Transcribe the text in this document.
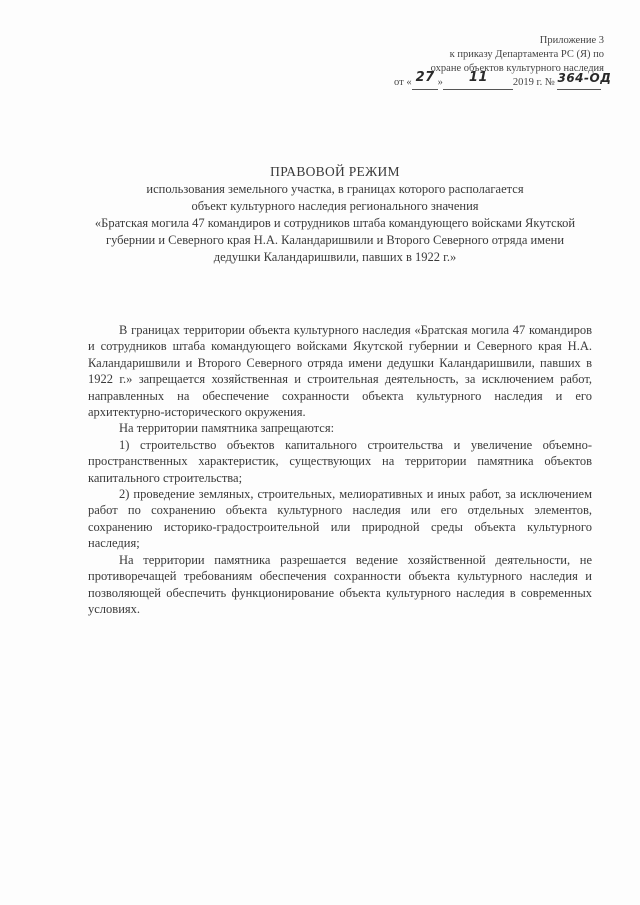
Приложение 3
к приказу Департамента РС (Я) по
охране объектов культурного наследия
от « 27 » 11 2019 г. № 364-ОД
ПРАВОВОЙ РЕЖИМ
использования земельного участка, в границах которого располагается
объект культурного наследия регионального значения
«Братская могила 47 командиров и сотрудников штаба командующего войсками Якутской
губернии и Северного края Н.А. Каландаришвили и Второго Северного отряда имени
дедушки Каландаришвили, павших в 1922 г.»

В границах территории объекта культурного наследия «Братская могила 47 командиров и сотрудников штаба командующего войсками Якутской губернии и Северного края Н.А. Каландаришвили и Второго Северного отряда имени дедушки Каландаришвили, павших в 1922 г.» запрещается хозяйственная и строительная деятельность, за исключением работ, направленных на обеспечение сохранности объекта культурного наследия и его архитектурно-исторического окружения.

На территории памятника запрещаются:

1) строительство объектов капитального строительства и увеличение объемно-пространственных характеристик, существующих на территории памятника объектов капитального строительства;

2) проведение земляных, строительных, мелиоративных и иных работ, за исключением работ по сохранению объекта культурного наследия или его отдельных элементов, сохранению историко-градостроительной или природной среды объекта культурного наследия;

На территории памятника разрешается ведение хозяйственной деятельности, не противоречащей требованиям обеспечения сохранности объекта культурного наследия и позволяющей обеспечить функционирование объекта культурного наследия в современных условиях.
